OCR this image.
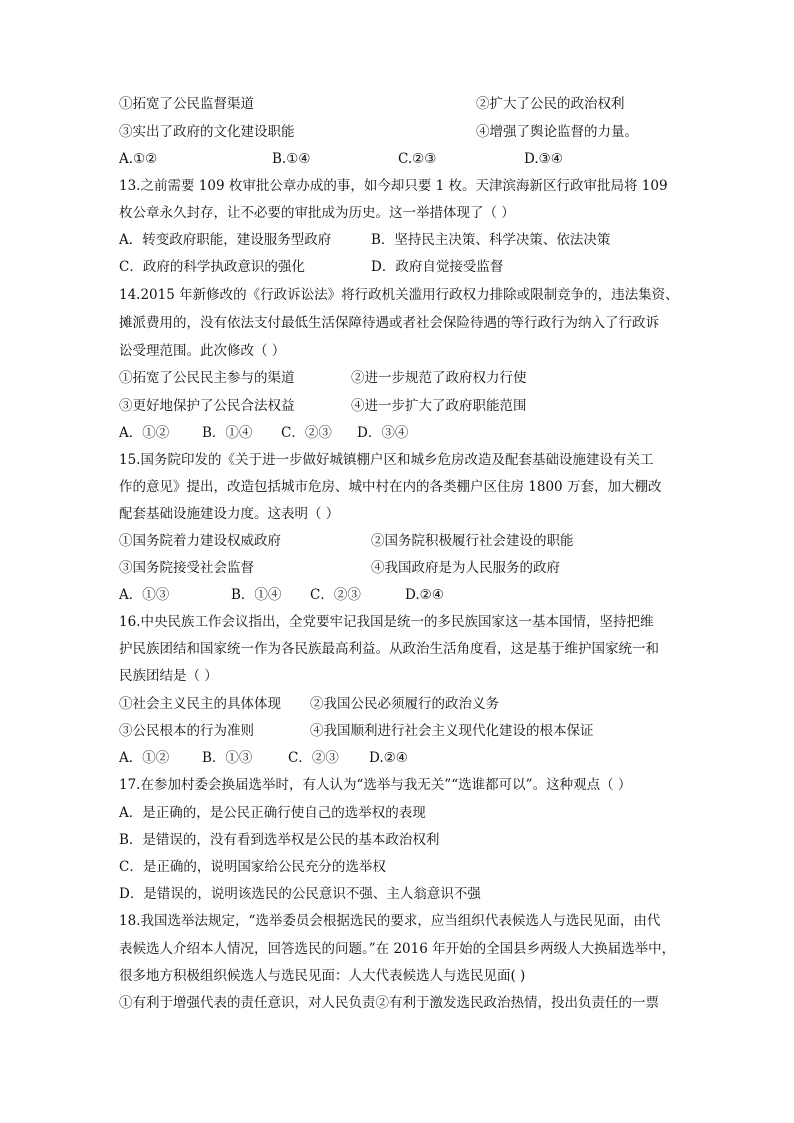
①拓宽了公民监督渠道	②扩大了公民的政治权利
③实出了政府的文化建设职能	④增强了舆论监督的力量。
A.①②	B.①④	C.②③	D.③④
13.之前需要 109 枚审批公章办成的事，如今却只要 1 枚。天津滨海新区行政审批局将 109
枚公章永久封存，让不必要的审批成为历史。这一举措体现了（ ）
A．转变政府职能，建设服务型政府	B．坚持民主决策、科学决策、依法决策
C．政府的科学执政意识的强化	D．政府自觉接受监督
14.2015 年新修改的《行政诉讼法》将行政机关滥用行政权力排除或限制竞争的，违法集资、
摊派费用的，没有依法支付最低生活保障待遇或者社会保险待遇的等行政行为纳入了行政诉
讼受理范围。此次修改（ ）
①拓宽了公民民主参与的渠道	②进一步规范了政府权力行使
③更好地保护了公民合法权益	④进一步扩大了政府职能范围
A．①② B．①④ C．②③ D．③④
15.国务院印发的《关于进一步做好城镇棚户区和城乡危房改造及配套基础设施建设有关工
作的意见》提出，改造包括城市危房、城中村在内的各类棚户区住房 1800 万套，加大棚改
配套基础设施建设力度。这表明（ ）
①国务院着力建设权威政府	②国务院积极履行社会建设的职能
③国务院接受社会监督	④我国政府是为人民服务的政府
A．①③	B．①④ C．②③	D.②④
16.中央民族工作会议指出，全党要牢记我国是统一的多民族国家这一基本国情，坚持把维
护民族团结和国家统一作为各民族最高利益。从政治生活角度看，这是基于维护国家统一和
民族团结是（ ）
①社会主义民主的具体体现 ②我国公民必须履行的政治义务
③公民根本的行为准则	④我国顺利进行社会主义现代化建设的根本保证
A．①② B．①③	C．②③ D.②④
17.在参加村委会换届选举时，有人认为“选举与我无关”“选谁都可以”。这种观点（ ）
A．是正确的，是公民正确行使自己的选举权的表现
B．是错误的，没有看到选举权是公民的基本政治权利
C．是正确的，说明国家给公民充分的选举权
D．是错误的，说明该选民的公民意识不强、主人翁意识不强
18.我国选举法规定，“选举委员会根据选民的要求，应当组织代表候选人与选民见面，由代
表候选人介绍本人情况，回答选民的问题。”在 2016 年开始的全国县乡两级人大换届选举中，
很多地方积极组织候选人与选民见面：人大代表候选人与选民见面( )
①有利于增强代表的责任意识，对人民负责②有利于激发选民政治热情，投出负责任的一票
